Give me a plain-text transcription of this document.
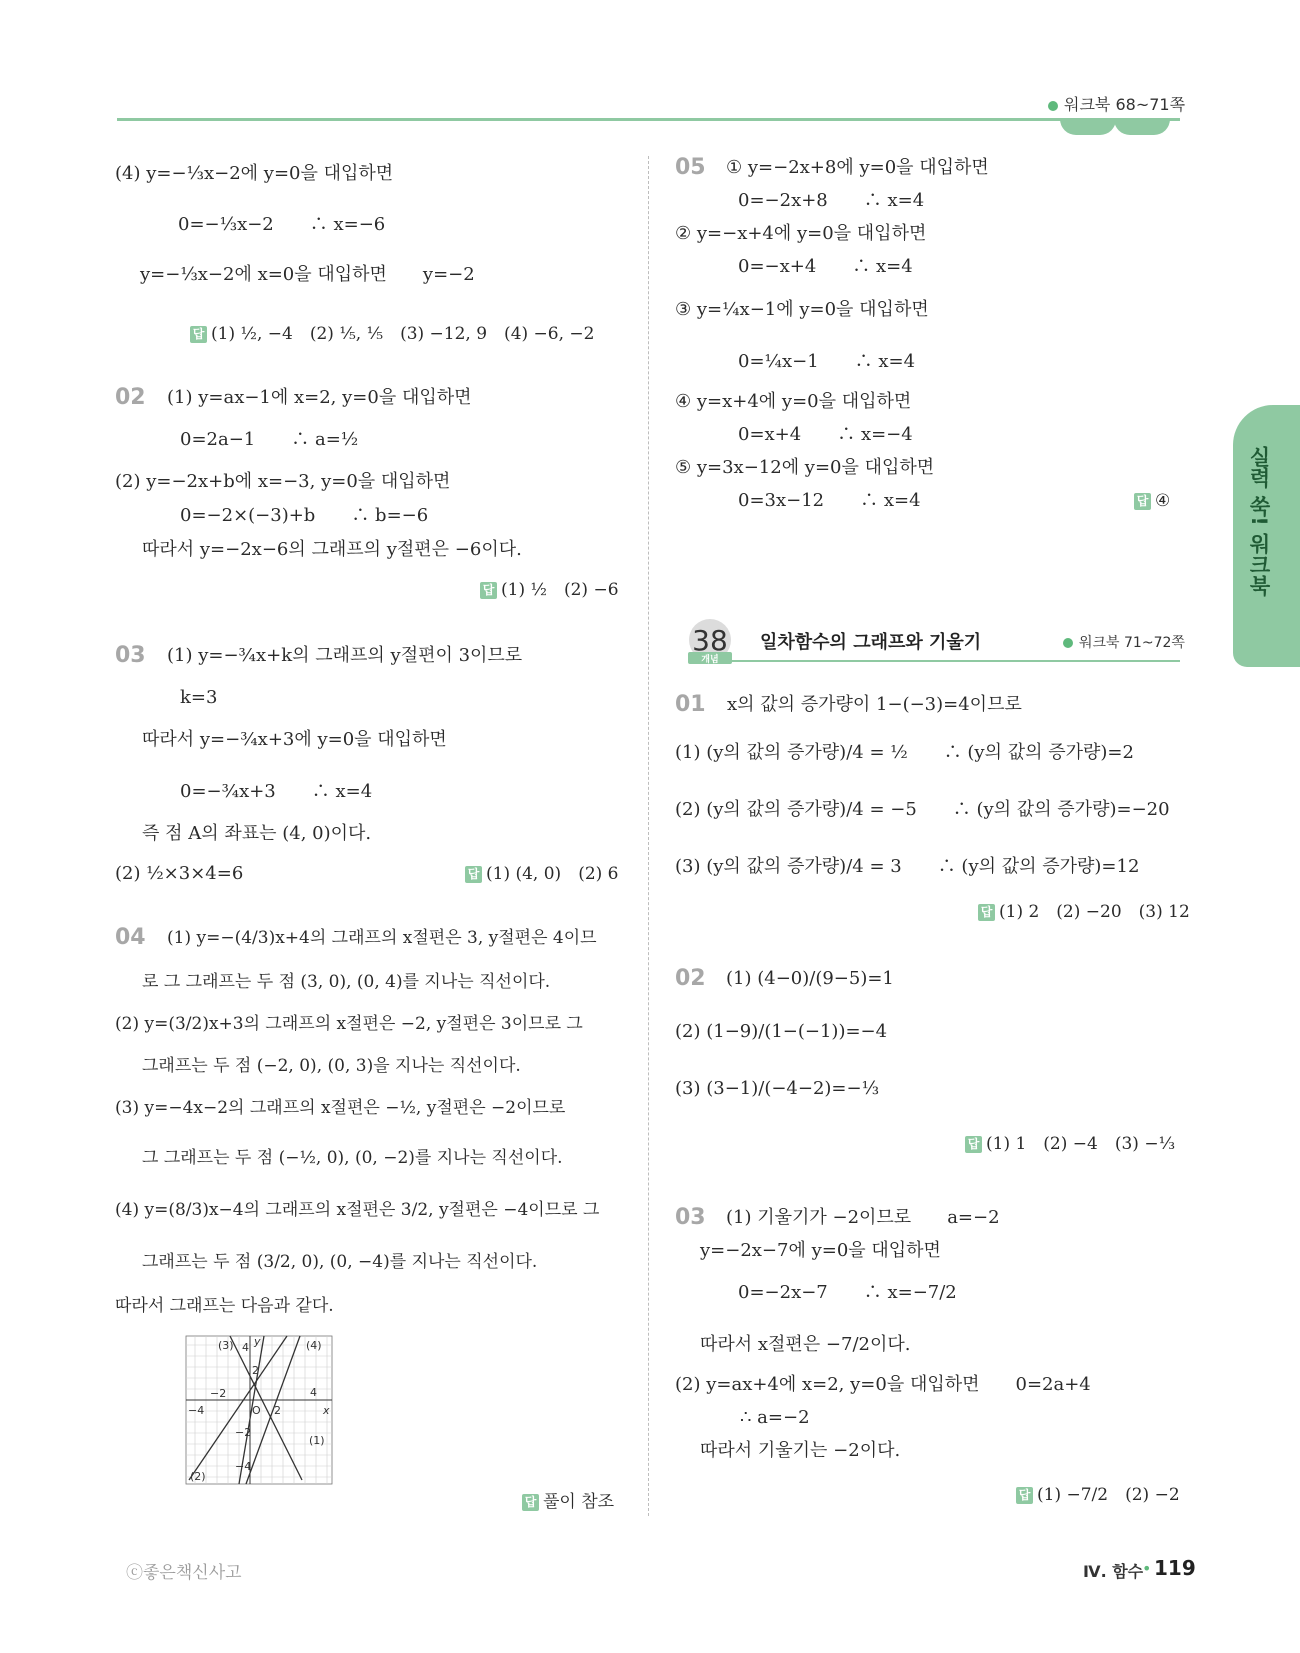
워크북 68~71쪽
실력 쑥! 워크북
(4) y=−⅓x−2에 y=0을 대입하면
0=−⅓x−2　　∴ x=−6
y=−⅓x−2에 x=0을 대입하면　　y=−2
답 (1) ½, −4　(2) ⅕, ⅕　(3) −12, 9　(4) −6, −2
02 (1) y=ax−1에 x=2, y=0을 대입하면
0=2a−1　　∴ a=½
(2) y=−2x+b에 x=−3, y=0을 대입하면
0=−2×(−3)+b　　∴ b=−6
따라서 y=−2x−6의 그래프의 y절편은 −6이다.
답 (1) ½　(2) −6
03 (1) y=−¾x+k의 그래프의 y절편이 3이므로
k=3
따라서 y=−¾x+3에 y=0을 대입하면
0=−¾x+3　　∴ x=4
즉 점 A의 좌표는 (4, 0)이다.
(2) ½×3×4=6	답 (1) (4, 0)　(2) 6
04 (1) y=−(4/3)x+4의 그래프의 x절편은 3, y절편은 4이므
로 그 그래프는 두 점 (3, 0), (0, 4)를 지나는 직선이다.
(2) y=(3/2)x+3의 그래프의 x절편은 −2, y절편은 3이므로 그
그래프는 두 점 (−2, 0), (0, 3)을 지나는 직선이다.
(3) y=−4x−2의 그래프의 x절편은 −½, y절편은 −2이므로
그 그래프는 두 점 (−½, 0), (0, −2)를 지나는 직선이다.
(4) y=(8/3)x−4의 그래프의 x절편은 3/2, y절편은 −4이므로 그
그래프는 두 점 (3/2, 0), (0, −4)를 지나는 직선이다.
따라서 그래프는 다음과 같다.
(3)	(4)
(2)
(1)
y
x
O
4
2
−2
−4	2
4
−2
−4
답 풀이 참조
05 ① y=−2x+8에 y=0을 대입하면
0=−2x+8　　∴ x=4
② y=−x+4에 y=0을 대입하면
0=−x+4　　∴ x=4
③ y=¼x−1에 y=0을 대입하면
0=¼x−1　　∴ x=4
④ y=x+4에 y=0을 대입하면
0=x+4　　∴ x=−4
⑤ y=3x−12에 y=0을 대입하면
0=3x−12　　∴ x=4	답 ④
38
개념
일차함수의 그래프와 기울기	워크북 71~72쪽
01 x의 값의 증가량이 1−(−3)=4이므로
(1) (y의 값의 증가량)/4 = ½　　∴ (y의 값의 증가량)=2
(2) (y의 값의 증가량)/4 = −5　　∴ (y의 값의 증가량)=−20
(3) (y의 값의 증가량)/4 = 3　　∴ (y의 값의 증가량)=12
답 (1) 2　(2) −20　(3) 12
02 (1) (4−0)/(9−5)=1
(2) (1−9)/(1−(−1))=−4
(3) (3−1)/(−4−2)=−⅓
답 (1) 1　(2) −4　(3) −⅓
03 (1) 기울기가 −2이므로　　a=−2
y=−2x−7에 y=0을 대입하면
0=−2x−7　　∴ x=−7/2
따라서 x절편은 −7/2이다.
(2) y=ax+4에 x=2, y=0을 대입하면　　0=2a+4
∴ a=−2
따라서 기울기는 −2이다.
답 (1) −7/2　(2) −2
ⓒ좋은책신사고	Ⅳ. 함수
• 119
